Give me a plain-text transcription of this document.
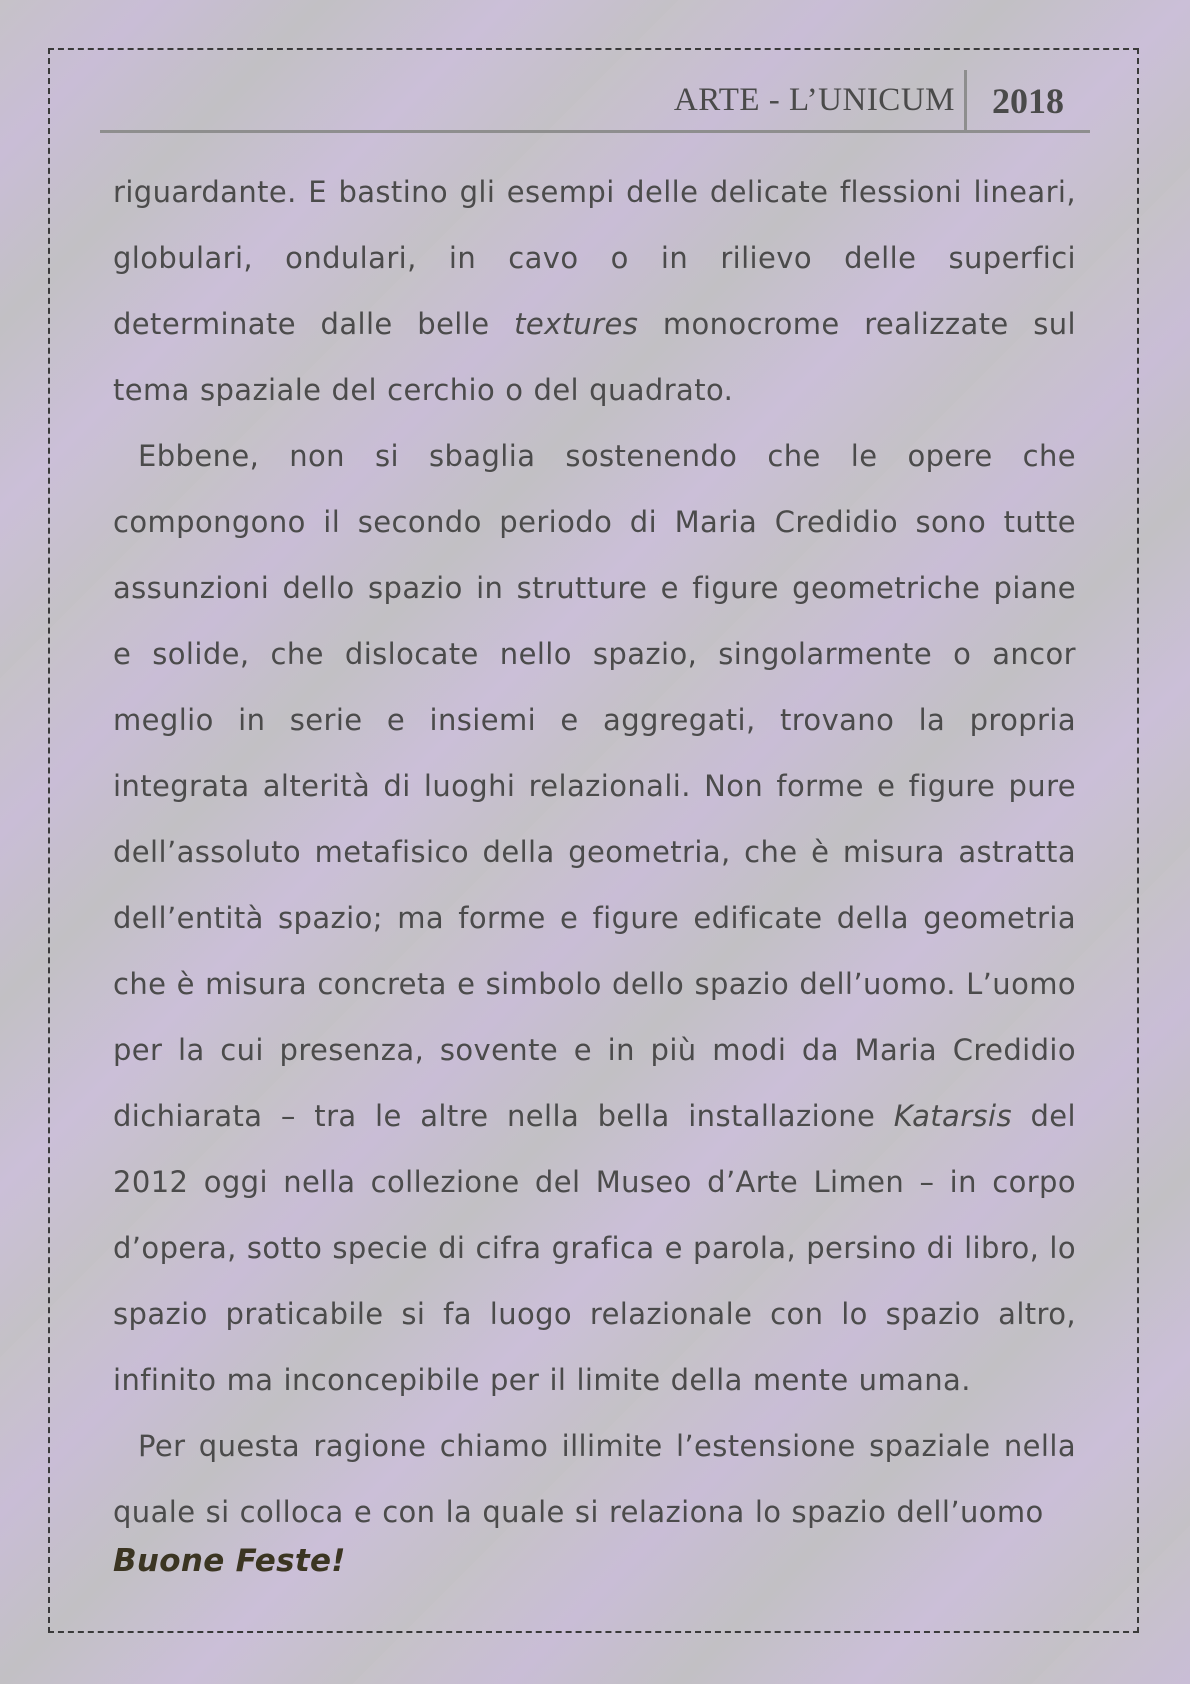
ARTE - L’UNICUM 2018

riguardante. E bastino gli esempi delle delicate flessioni lineari, globulari, ondulari, in cavo o in rilievo delle superfici determinate dalle belle textures monocrome realizzate sul tema spaziale del cerchio o del quadrato.

Ebbene, non si sbaglia sostenendo che le opere che compongono il secondo periodo di Maria Credidio sono tutte assunzioni dello spazio in strutture e figure geometriche piane e solide, che dislocate nello spazio, singolarmente o ancor meglio in serie e insiemi e aggregati, trovano la propria integrata alterità di luoghi relazionali. Non forme e figure pure dell’assoluto metafisico della geometria, che è misura astratta dell’entità spazio; ma forme e figure edificate della geometria che è misura concreta e simbolo dello spazio dell’uomo. L’uomo per la cui presenza, sovente e in più modi da Maria Credidio dichiarata – tra le altre nella bella installazione Katarsis del 2012 oggi nella collezione del Museo d’Arte Limen – in corpo d’opera, sotto specie di cifra grafica e parola, persino di libro, lo spazio praticabile si fa luogo relazionale con lo spazio altro, infinito ma inconcepibile per il limite della mente umana.

Per questa ragione chiamo illimite l’estensione spaziale nella quale si colloca e con la quale si relaziona lo spazio dell’uomo

Buone Feste!
